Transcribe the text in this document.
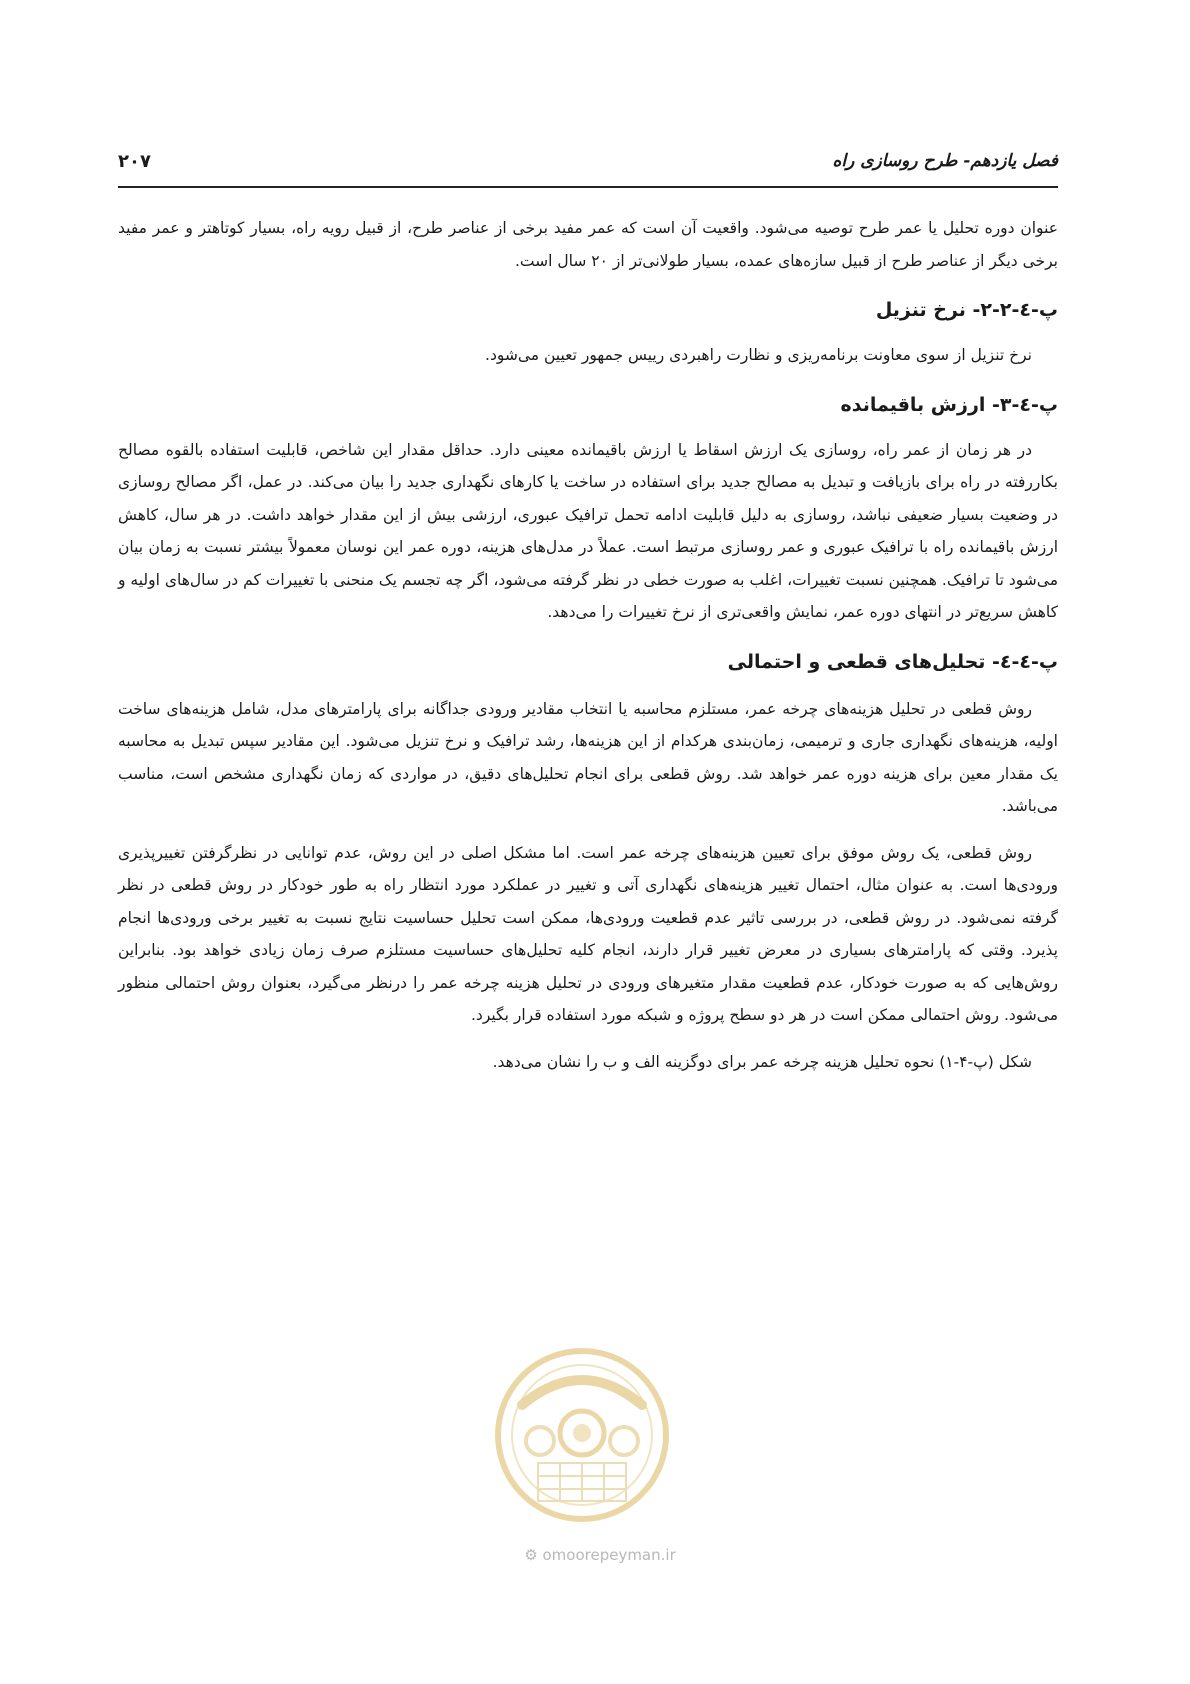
فصل یازدهم- طرح روسازی راه
۲۰۷

عنوان دوره تحلیل یا عمر طرح توصیه می‌شود. واقعیت آن است که عمر مفید برخی از عناصر طرح، از قبیل رویه راه، بسیار کوتاهتر و عمر مفید برخی دیگر از عناصر طرح از قبیل سازه‌های عمده، بسیار طولانی‌تر از ۲۰ سال است.

پ-٤-۲-۲- نرخ تنزیل

نرخ تنزیل از سوی معاونت برنامه‌ریزی و نظارت راهبردی رییس جمهور تعیین می‌شود.

پ-٤-۳- ارزش باقیمانده

در هر زمان از عمر راه، روسازی یک ارزش اسقاط یا ارزش باقیمانده معینی دارد. حداقل مقدار این شاخص، قابلیت استفاده بالقوه مصالح بکاررفته در راه برای بازیافت و تبدیل به مصالح جدید برای استفاده در ساخت یا کارهای نگهداری جدید را بیان می‌کند. در عمل، اگر مصالح روسازی در وضعیت بسیار ضعیفی نباشد، روسازی به دلیل قابلیت ادامه تحمل ترافیک عبوری، ارزشی بیش از این مقدار خواهد داشت. در هر سال، کاهش ارزش باقیمانده راه با ترافیک عبوری و عمر روسازی مرتبط است. عملاً در مدل‌های هزینه، دوره عمر این نوسان معمولاً بیشتر نسبت به زمان بیان می‌شود تا ترافیک. همچنین نسبت تغییرات، اغلب به صورت خطی در نظر گرفته می‌شود، اگر چه تجسم یک منحنی با تغییرات کم در سال‌های اولیه و کاهش سریع‌تر در انتهای دوره عمر، نمایش واقعی‌تری از نرخ تغییرات را می‌دهد.

پ-٤-٤- تحلیل‌های قطعی و احتمالی

روش قطعی در تحلیل هزینه‌های چرخه عمر، مستلزم محاسبه یا انتخاب مقادیر ورودی جداگانه برای پارامترهای مدل، شامل هزینه‌های ساخت اولیه، هزینه‌های نگهداری جاری و ترمیمی، زمان‌بندی هرکدام از این هزینه‌ها، رشد ترافیک و نرخ تنزیل می‌شود. این مقادیر سپس تبدیل به محاسبه یک مقدار معین برای هزینه دوره عمر خواهد شد. روش قطعی برای انجام تحلیل‌های دقیق، در مواردی که زمان نگهداری مشخص است، مناسب می‌باشد.

روش قطعی، یک روش موفق برای تعیین هزینه‌های چرخه عمر است. اما مشکل اصلی در این روش، عدم توانایی در نظرگرفتن تغییرپذیری ورودی‌ها است. به عنوان مثال، احتمال تغییر هزینه‌های نگهداری آتی و تغییر در عملکرد مورد انتظار راه به طور خودکار در روش قطعی در نظر گرفته نمی‌شود. در روش قطعی، در بررسی تاثیر عدم قطعیت ورودی‌ها، ممکن است تحلیل حساسیت نتایج نسبت به تغییر برخی ورودی‌ها انجام پذیرد. وقتی که پارامترهای بسیاری در معرض تغییر قرار دارند، انجام کلیه تحلیل‌های حساسیت مستلزم صرف زمان زیادی خواهد بود. بنابراین روش‌هایی که به صورت خودکار، عدم قطعیت مقدار متغیرهای ورودی در تحلیل هزینه چرخه عمر را درنظر می‌گیرد، بعنوان روش احتمالی منظور می‌شود. روش احتمالی ممکن است در هر دو سطح پروژه و شبکه مورد استفاده قرار بگیرد.

شکل (پ-۴-۱) نحوه تحلیل هزینه چرخه عمر برای دوگزینه الف و ب را نشان می‌دهد.

⚙ omoorepeyman.ir
